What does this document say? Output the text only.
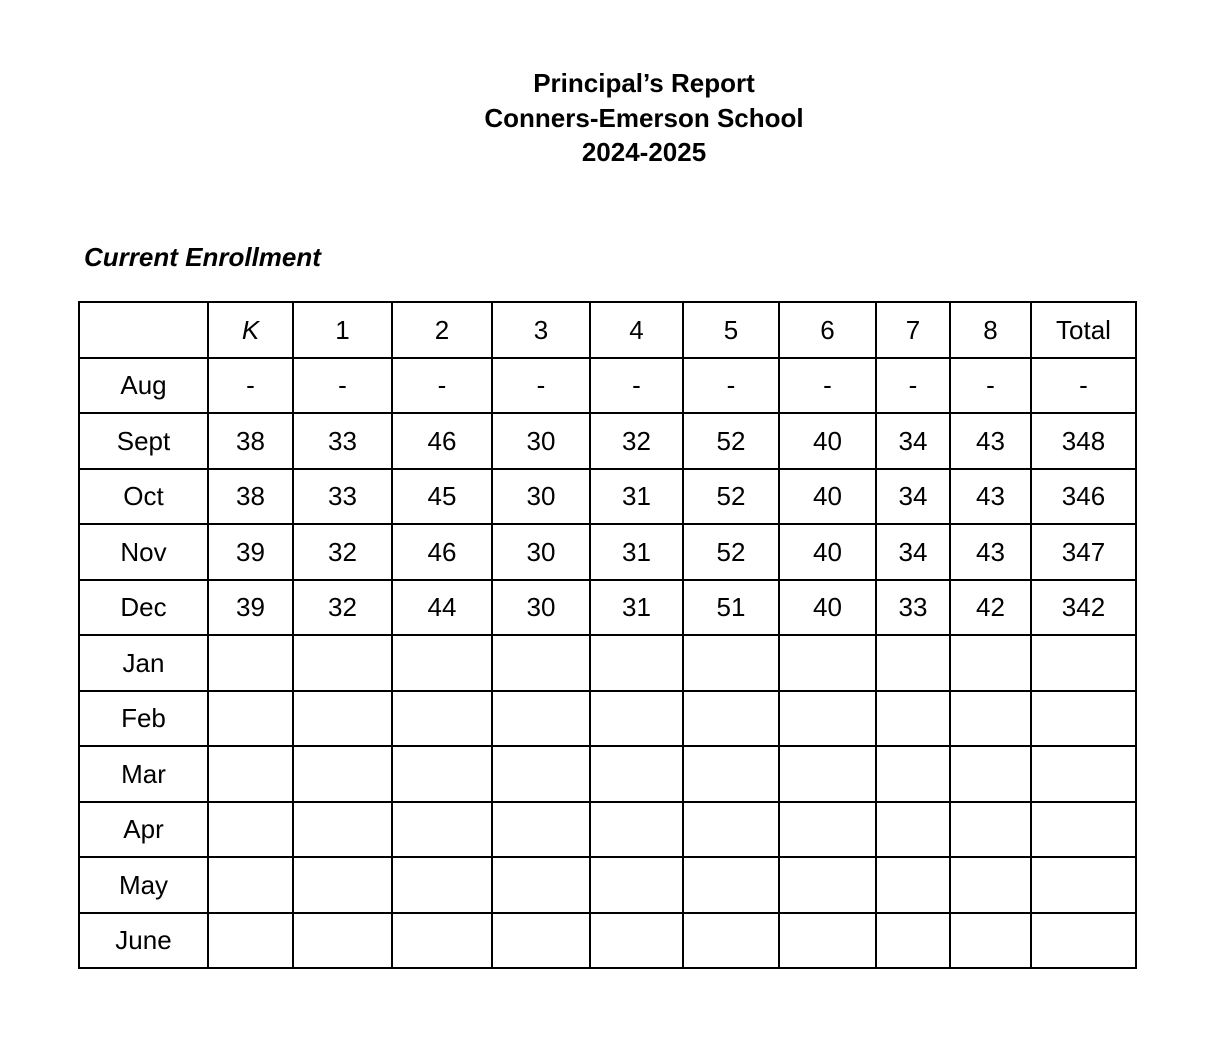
Principal’s Report
Conners-Emerson School
2024-2025
Current Enrollment
	K	1	2	3	4	5	6	7	8	Total
Aug	-	-	-	-	-	-	-	-	-	-
Sept	38	33	46	30	32	52	40	34	43	348
Oct	38	33	45	30	31	52	40	34	43	346
Nov	39	32	46	30	31	52	40	34	43	347
Dec	39	32	44	30	31	51	40	33	42	342
Jan										
Feb										
Mar										
Apr										
May										
June										
